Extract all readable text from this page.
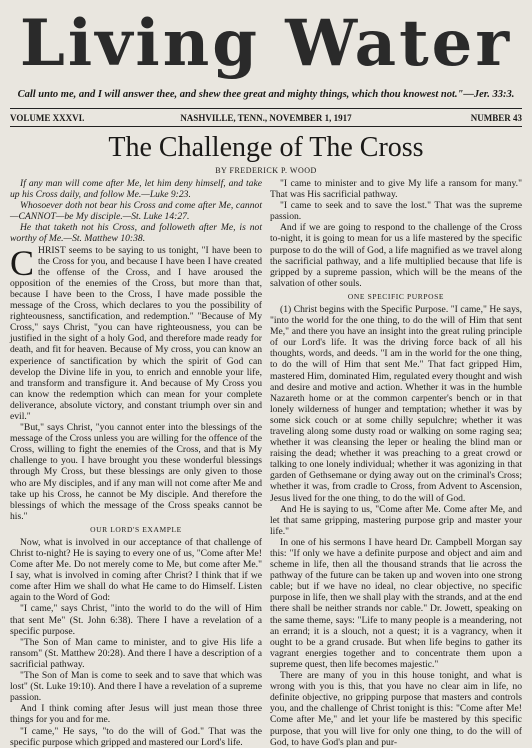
Living Water
Call unto me, and I will answer thee, and shew thee great and mighty things, which thou knowest not."—Jer. 33:3.
VOLUME XXXVI.	NASHVILLE, TENN., NOVEMBER 1, 1917	NUMBER 43
The Challenge of The Cross
BY FREDERICK P. WOOD

If any man will come after Me, let him deny himself, and take up his Cross daily, and follow Me.—Luke 9:23.

Whosoever doth not bear his Cross and come after Me, cannot—CANNOT—be My disciple.—St. Luke 14:27.

He that taketh not his Cross, and followeth after Me, is not worthy of Me.—St. Matthew 10:38.

C HRIST seems to be saying to us tonight, "I have been to the Cross for you, and because I have been I have created the offense of the Cross, and I have aroused the opposition of the enemies of the Cross, but more than that, because I have been to the Cross, I have made possible the message of the Cross, which declares to you the possibility of righteousness, sanctification, and redemption." "Because of My Cross," says Christ, "you can have righteousness, you can be justified in the sight of a holy God, and therefore made ready for death, and fit for heaven. Because of My cross, you can know an experience of sanctification by which the spirit of God can develop the Divine life in you, to enrich and ennoble your life, and transform and transfigure it. And because of My Cross you can know the redemption which can mean for your complete deliverance, absolute victory, and constant triumph over sin and evil."

"But," says Christ, "you cannot enter into the blessings of the message of the Cross unless you are willing for the offence of the Cross, willing to fight the enemies of the Cross, and that is My challenge to you. I have brought you these wonderful blessings through My Cross, but these blessings are only given to those who are My disciples, and if any man will not come after Me and take up his Cross, he cannot be My disciple. And therefore the blessings of which the message of the Cross speaks cannot be his."

OUR LORD'S EXAMPLE

Now, what is involved in our acceptance of that challenge of Christ to-night? He is saying to every one of us, "Come after Me! Come after Me. Do not merely come to Me, but come after Me." I say, what is involved in coming after Christ? I think that if we come after Him we shall do what He came to do Himself. Listen again to the Word of God:

"I came," says Christ, "into the world to do the will of Him that sent Me" (St. John 6:38). There I have a revelation of a specific purpose.

"The Son of Man came to minister, and to give His life a ransom" (St. Matthew 20:28). And there I have a description of a sacrificial pathway.

"The Son of Man is come to seek and to save that which was lost" (St. Luke 19:10). And there I have a revelation of a supreme passion.

And I think coming after Jesus will just mean those three things for you and for me.

"I came," He says, "to do the will of God." That was the specific purpose which gripped and mastered our Lord's life.

"I came to minister and to give My life a ransom for many." That was His sacrificial pathway.

"I came to seek and to save the lost." That was the supreme passion.

And if we are going to respond to the challenge of the Cross to-night, it is going to mean for us a life mastered by the specific purpose to do the will of God, a life magnified as we travel along the sacrificial pathway, and a life multiplied because that life is gripped by a supreme passion, which will be the means of the salvation of other souls.

ONE SPECIFIC PURPOSE

(1) Christ begins with the Specific Purpose. "I came," He says, "into the world for the one thing, to do the will of Him that sent Me," and there you have an insight into the great ruling principle of our Lord's life. It was the driving force back of all his thoughts, words, and deeds. "I am in the world for the one thing, to do the will of Him that sent Me." That fact gripped Him, mastered Him, dominated Him, regulated every thought and wish and desire and motive and action. Whether it was in the humble Nazareth home or at the common carpenter's bench or in that lonely wilderness of hunger and temptation; whether it was by some sick couch or at some chilly sepulchre; whether it was traveling along some dusty road or walking on some raging sea; whether it was cleansing the leper or healing the blind man or raising the dead; whether it was preaching to a great crowd or talking to one lonely individual; whether it was agonizing in that garden of Gethsemane or dying away out on the criminal's Cross; whether it was, from cradle to Cross, from Advent to Ascension, Jesus lived for the one thing, to do the will of God.

And He is saying to us, "Come after Me. Come after Me, and let that same gripping, mastering purpose grip and master your life."

In one of his sermons I have heard Dr. Campbell Morgan say this: "If only we have a definite purpose and object and aim and scheme in life, then all the thousand strands that lie across the pathway of the future can be taken up and woven into one strong cable; but if we have no ideal, no clear objective, no specific purpose in life, then we shall play with the strands, and at the end there shall be neither strands nor cable." Dr. Jowett, speaking on the same theme, says: "Life to many people is a meandering, not an errand; it is a slouch, not a quest; it is a vagrancy, when it ought to be a grand crusade. But when life begins to gather its vagrant energies together and to concentrate them upon a supreme quest, then life becomes majestic."

There are many of you in this house tonight, and what is wrong with you is this, that you have no clear aim in life, no definite objective, no gripping purpose that masters and controls you, and the challenge of Christ tonight is this: "Come after Me! Come after Me," and let your life be mastered by this specific purpose, that you will live for only one thing, to do the will of God, to have God's plan and pur-
